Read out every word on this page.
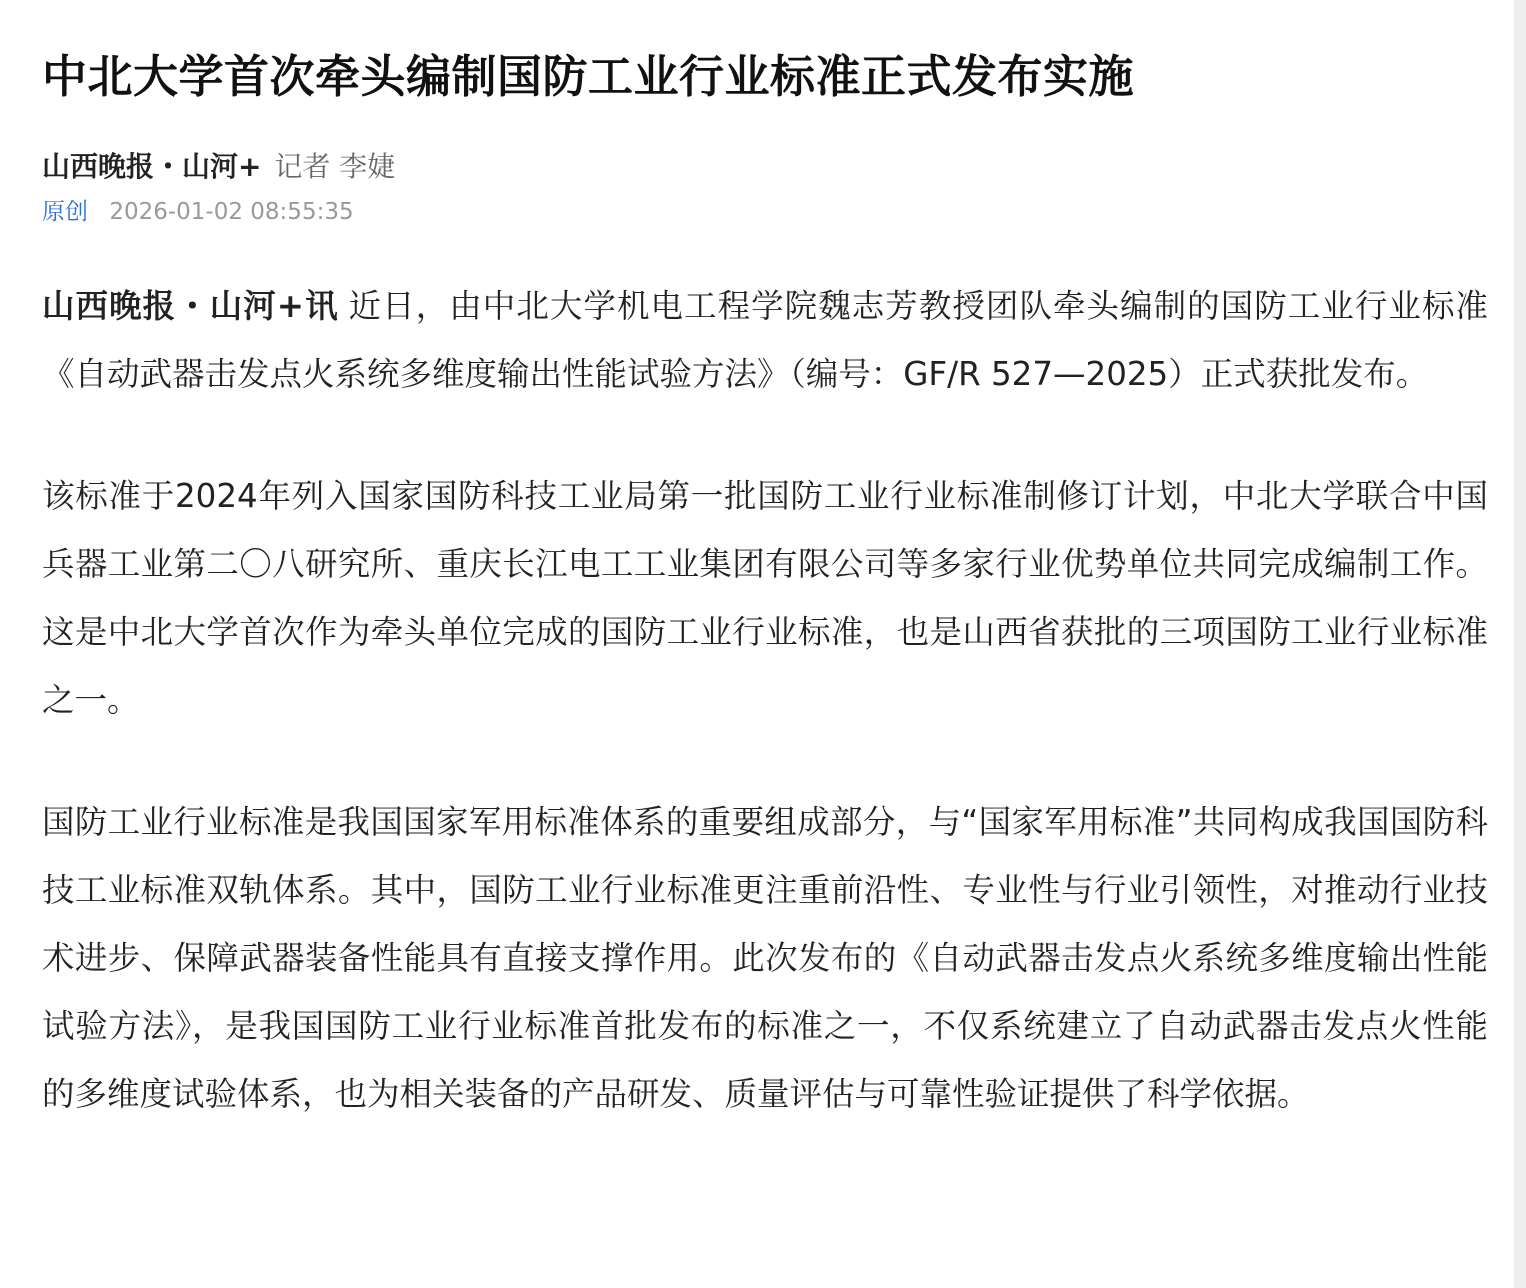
中北大学首次牵头编制国防工业行业标准正式发布实施
山西晚报・山河+ 记者 李婕
原创 2026-01-02 08:55:35

山西晚报・山河+讯 近日，由中北大学机电工程学院魏志芳教授团队牵头编制的国防工业行业标准《自动武器击发点火系统多维度输出性能试验方法》（编号：GF/R 527—2025）正式获批发布。

该标准于2024年列入国家国防科技工业局第一批国防工业行业标准制修订计划，中北大学联合中国兵器工业第二〇八研究所、重庆长江电工工业集团有限公司等多家行业优势单位共同完成编制工作。这是中北大学首次作为牵头单位完成的国防工业行业标准，也是山西省获批的三项国防工业行业标准之一。

国防工业行业标准是我国国家军用标准体系的重要组成部分，与“国家军用标准”共同构成我国国防科技工业标准双轨体系。其中，国防工业行业标准更注重前沿性、专业性与行业引领性，对推动行业技术进步、保障武器装备性能具有直接支撑作用。此次发布的《自动武器击发点火系统多维度输出性能试验方法》，是我国国防工业行业标准首批发布的标准之一，不仅系统建立了自动武器击发点火性能的多维度试验体系，也为相关装备的产品研发、质量评估与可靠性验证提供了科学依据。
